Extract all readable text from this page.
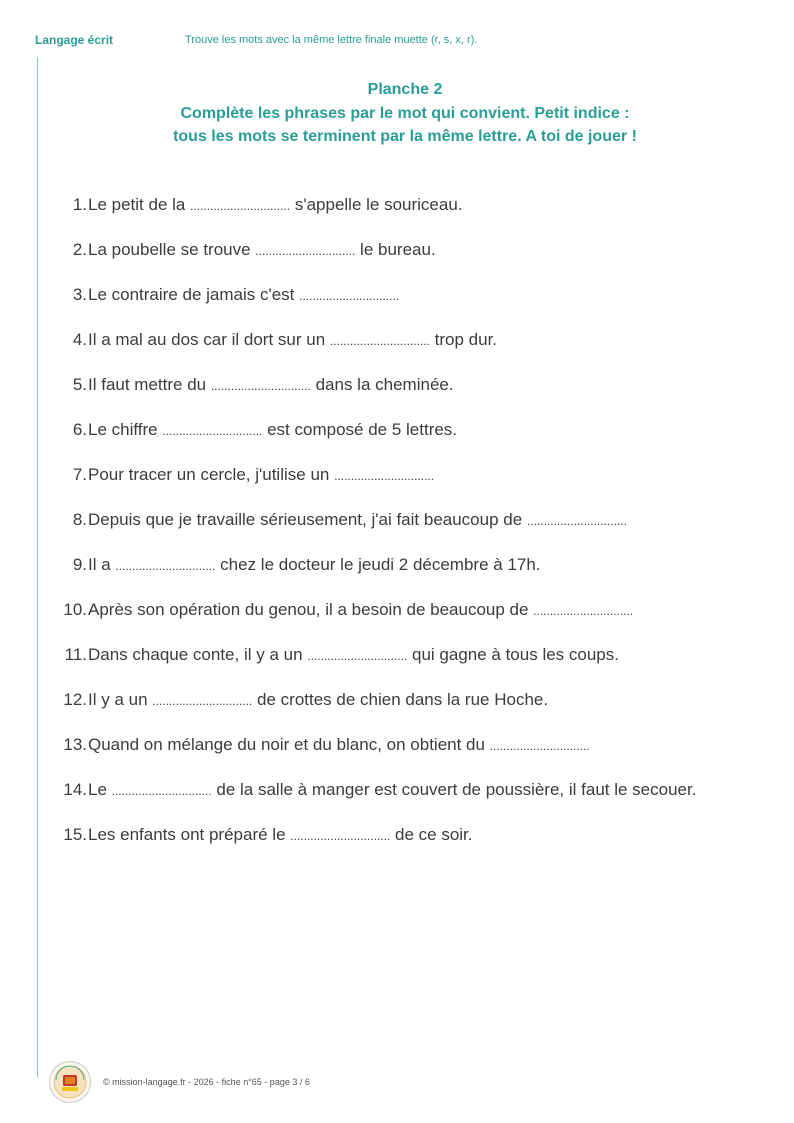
Langage écrit	Trouve les mots avec la même lettre finale muette (r, s, x, r).
Planche 2
Complète les phrases par le mot qui convient. Petit indice :
tous les mots se terminent par la même lettre. A toi de jouer !
1. Le petit de la .............................. s'appelle le souriceau.
2. La poubelle se trouve .............................. le bureau.
3. Le contraire de jamais c'est ..............................
4. Il a mal au dos car il dort sur un .............................. trop dur.
5. Il faut mettre du .............................. dans la cheminée.
6. Le chiffre .............................. est composé de 5 lettres.
7. Pour tracer un cercle, j'utilise un ..............................
8. Depuis que je travaille sérieusement, j'ai fait beaucoup de ..............................
9. Il a .............................. chez le docteur le jeudi 2 décembre à 17h.
10. Après son opération du genou, il a besoin de beaucoup de ..............................
11. Dans chaque conte, il y a un .............................. qui gagne à tous les coups.
12. Il y a un .............................. de crottes de chien dans la rue Hoche.
13. Quand on mélange du noir et du blanc, on obtient du ..............................
14. Le .............................. de la salle à manger est couvert de poussière, il faut le secouer.
15. Les enfants ont préparé le .............................. de ce soir.
© mission-langage.fr - 2026 - fiche n°65 - page 3 / 6
